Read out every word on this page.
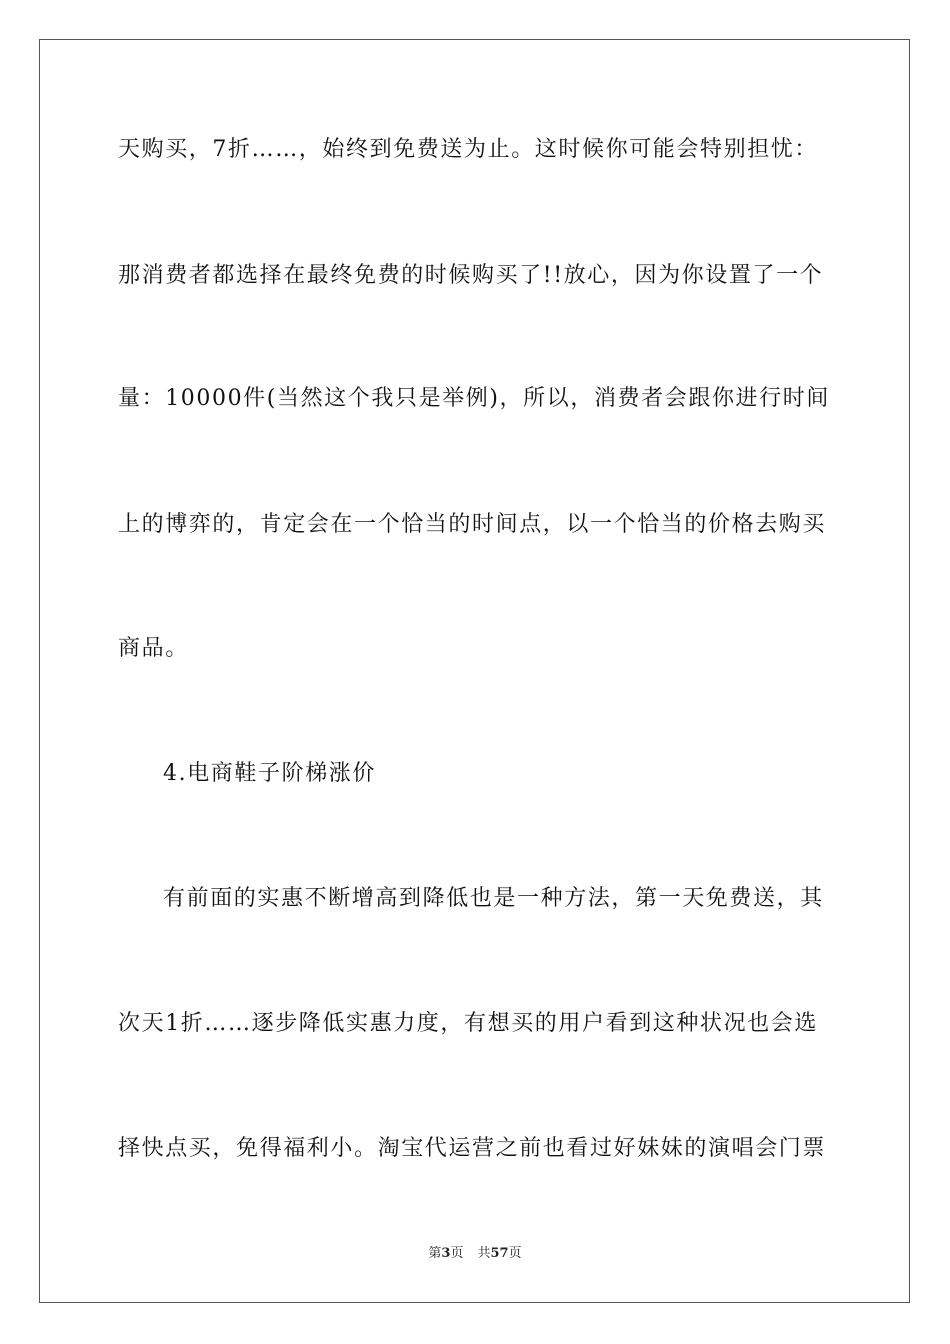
天购买，7折……，始终到免费送为止。这时候你可能会特别担忧：
那消费者都选择在最终免费的时候购买了!!放心，因为你设置了一个
量：10000件(当然这个我只是举例)，所以，消费者会跟你进行时间
上的博弈的，肯定会在一个恰当的时间点，以一个恰当的价格去购买
商品。
4.电商鞋子阶梯涨价
有前面的实惠不断增高到降低也是一种方法，第一天免费送，其
次天1折……逐步降低实惠力度，有想买的用户看到这种状况也会选
择快点买，免得福利小。淘宝代运营之前也看过好妹妹的演唱会门票
第3页 共57页
